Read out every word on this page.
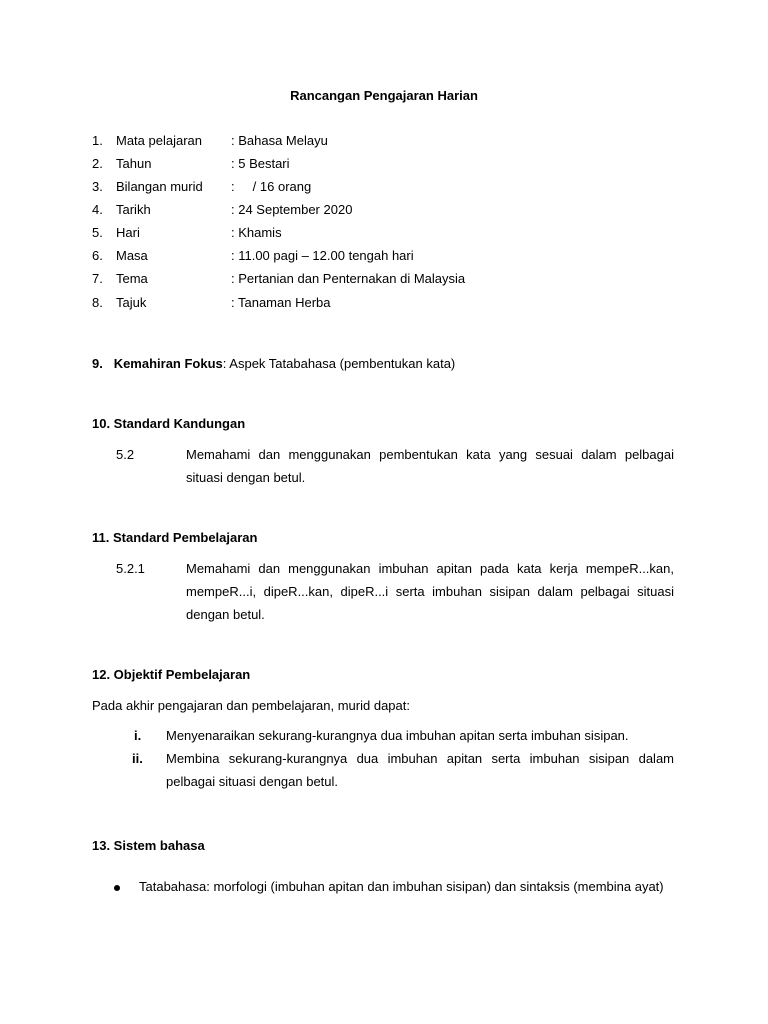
Rancangan Pengajaran Harian
1. Mata pelajaran : Bahasa Melayu
2. Tahun	: 5 Bestari
3. Bilangan murid :     / 16 orang
4. Tarikh	: 24 September 2020
5. Hari	: Khamis
6. Masa	: 11.00 pagi – 12.00 tengah hari
7. Tema	: Pertanian dan Penternakan di Malaysia
8. Tajuk	: Tanaman Herba
9. Kemahiran Fokus: Aspek Tatabahasa (pembentukan kata)
10. Standard Kandungan
5.2	Memahami dan menggunakan pembentukan kata yang sesuai dalam pelbagai situasi dengan betul.
11. Standard Pembelajaran
5.2.1	Memahami dan menggunakan imbuhan apitan pada kata kerja mempeR...kan, mempeR...i, dipeR...kan, dipeR...i serta imbuhan sisipan dalam pelbagai situasi dengan betul.
12. Objektif Pembelajaran
Pada akhir pengajaran dan pembelajaran, murid dapat:
i. Menyenaraikan sekurang-kurangnya dua imbuhan apitan serta imbuhan sisipan.
ii. Membina sekurang-kurangnya dua imbuhan apitan serta imbuhan sisipan dalam pelbagai situasi dengan betul.
13. Sistem bahasa
Tatabahasa: morfologi (imbuhan apitan dan imbuhan sisipan) dan sintaksis (membina ayat)
